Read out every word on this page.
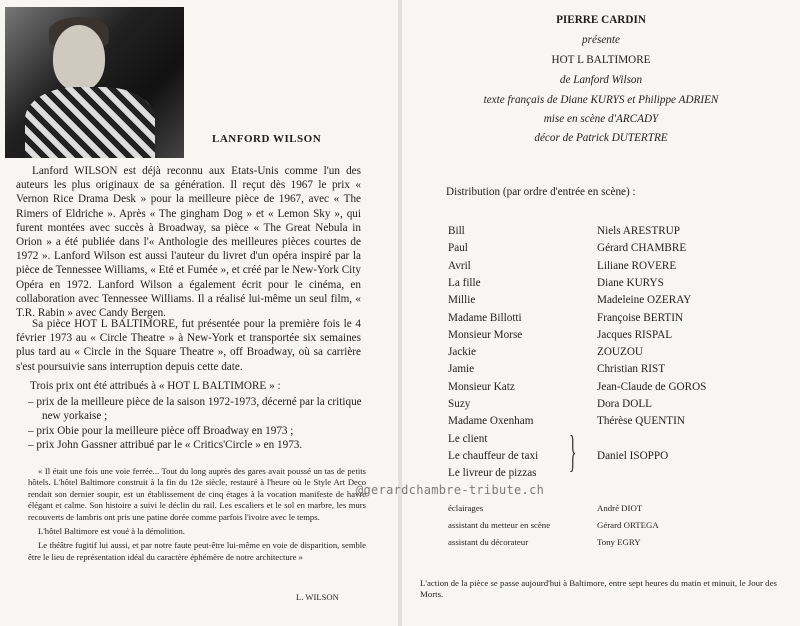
LANFORD WILSON

Lanford WILSON est déjà reconnu aux Etats-Unis comme l'un des auteurs les plus originaux de sa génération. Il reçut dès 1967 le prix « Vernon Rice Drama Desk » pour la meilleure pièce de 1967, avec « The Rimers of Eldriche ». Après « The gingham Dog » et « Lemon Sky », qui furent montées avec succès à Broadway, sa pièce « The Great Nebula in Orion » a été publiée dans l'« Anthologie des meilleures pièces courtes de 1972 ». Lanford Wilson est aussi l'auteur du livret d'un opéra inspiré par la pièce de Tennessee Williams, « Eté et Fumée », et créé par le New-York City Opéra en 1972. Lanford Wilson a également écrit pour le cinéma, en collaboration avec Tennessee Williams. Il a réalisé lui-même un seul film, « T.R. Rabin » avec Candy Bergen.

Sa pièce HOT L BALTIMORE, fut présentée pour la première fois le 4 février 1973 au « Circle Theatre » à New-York et transportée six semaines plus tard au « Circle in the Square Theatre », off Broadway, où sa carrière s'est poursuivie sans interruption depuis cette date.

Trois prix ont été attribués à « HOT L BALTIMORE » :
– prix de la meilleure pièce de la saison 1972-1973, décerné par la critique new yorkaise ;
– prix Obie pour la meilleure pièce off Broadway en 1973 ;
– prix John Gassner attribué par le « Critics'Circle » en 1973.

« Il était une fois une voie ferrée... Tout du long auprès des gares avait poussé un tas de petits hôtels. L'hôtel Baltimore construit à la fin du 12e siècle, restauré à l'heure où le Style Art Deco rendait son dernier soupir, est un établissement de cinq étages à la vocation manifeste de havre élégant et calme. Son histoire a suivi le déclin du rail. Les escaliers et le sol en marbre, les murs recouverts de lambris ont pris une patine dorée comme parfois l'ivoire avec le temps.

L'hôtel Baltimore est voué à la démolition.

Le théâtre fugitif lui aussi, et par notre faute peut-être lui-même en voie de disparition, semble être le lieu de représentation idéal du caractère éphémère de notre architecture »

L. WILSON
@gerardchambre-tribute.ch
PIERRE CARDIN
présente
HOT L BALTIMORE
de Lanford Wilson
texte français de Diane KURYS et Philippe ADRIEN
mise en scène d'ARCADY
décor de Patrick DUTERTRE
Distribution (par ordre d'entrée en scène) :
Bill	Niels ARESTRUP
Paul	Gérard CHAMBRE
Avril	Liliane ROVERE
La fille	Diane KURYS
Millie	Madeleine OZERAY
Madame Billotti	Françoise BERTIN
Monsieur Morse	Jacques RISPAL
Jackie	ZOUZOU
Jamie	Christian RIST
Monsieur Katz	Jean-Claude de GOROS
Suzy	Dora DOLL
Madame Oxenham	Thérèse QUENTIN
Le client
Le chauffeur de taxi
Le livreur de pizzas } Daniel ISOPPO
éclairages	André DIOT
assistant du metteur en scène	Gérard ORTEGA
assistant du décorateur	Tony EGRY
L'action de la pièce se passe aujourd'hui à Baltimore, entre sept heures du matin et minuit, le Jour des Morts.
